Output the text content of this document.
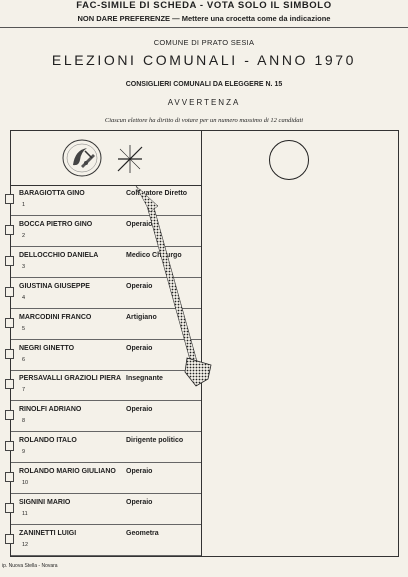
FAC-SIMILE DI SCHEDA - VOTA SOLO IL SIMBOLO
NON DARE PREFERENZE — Mettere una crocetta come da indicazione
COMUNE DI PRATO SESIA
ELEZIONI COMUNALI - ANNO 1970
CONSIGLIERI COMUNALI DA ELEGGERE N. 15
AVVERTENZA
Ciascun elettore ha diritto di votare per un numero massimo di 12 candidati
BARAGIOTTA GINO
1
Coltivatore Diretto
BOCCA PIETRO GINO
2
Operaio
DELLOCCHIO DANIELA
3
Medico Chirurgo
GIUSTINA GIUSEPPE
4
Operaio
MARCODINI FRANCO
5
Artigiano
NEGRI GINETTO
6
Operaio
PERSAVALLI GRAZIOLI PIERA
7
Insegnante
RINOLFI ADRIANO
8
Operaio
ROLANDO ITALO
9
Dirigente politico
ROLANDO MARIO GIULIANO
10
Operaio
SIGNINI MARIO
11
Operaio
ZANINETTI LUIGI
12
Geometra
ip. Nuova Stella - Novara
